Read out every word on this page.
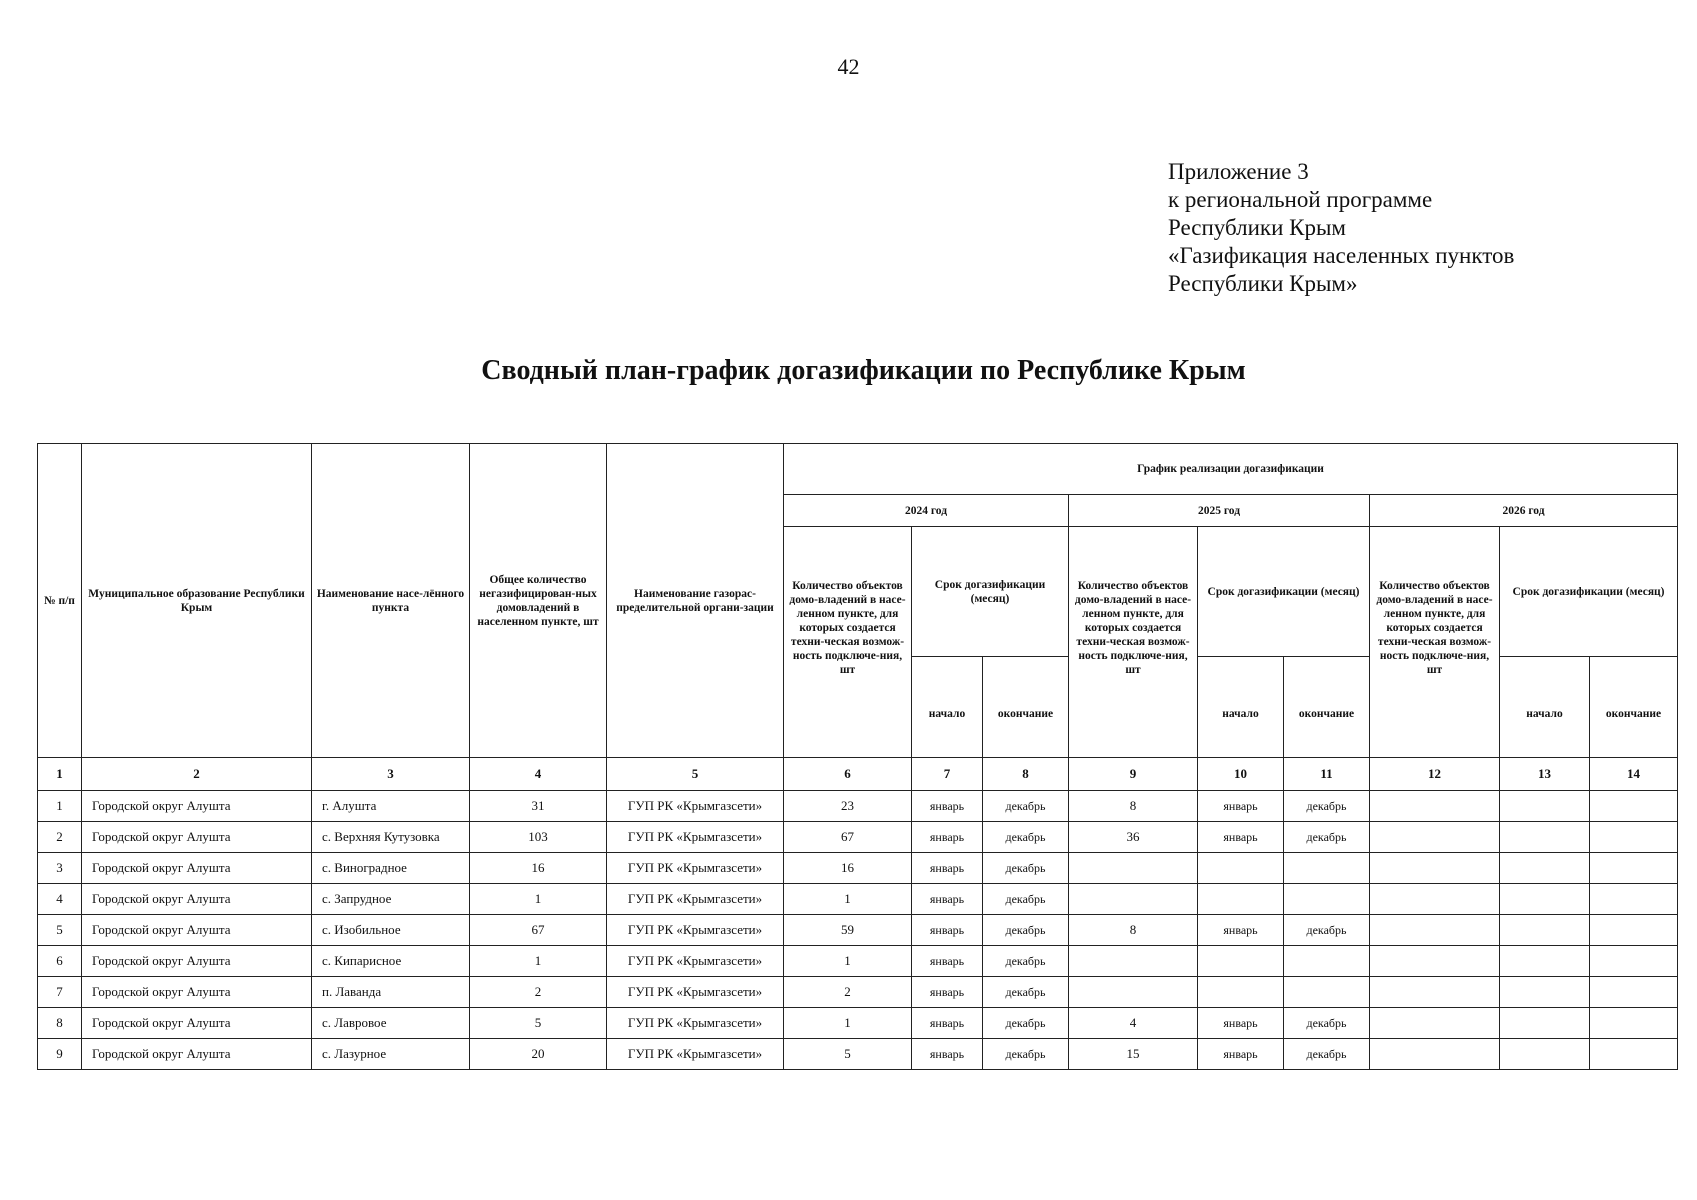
42
Приложение 3
к региональной программе
Республики Крым
«Газификация населенных пунктов
Республики Крым»
Сводный план-график догазификации по Республике Крым
№ п/п	Муниципальное образование Республики Крым	Наименование насе-лённого пункта	Общее количество негазифицирован-ных домовладений в населенном пункте, шт	Наименование газорас-пределительной органи-зации	График реализации догазификации								
					2024 год			2025 год			2026 год		
					Количество объектов домо-владений в насе-ленном пункте, для которых создается техни-ческая возмож-ность подключе-ния, шт	Срок догазификации (месяц)		Количество объектов домо-владений в насе-ленном пункте, для которых создается техни-ческая возмож-ность подключе-ния, шт	Срок догазификации (месяц)		Количество объектов домо-владений в насе-ленном пункте, для которых создается техни-ческая возмож-ность подключе-ния, шт	Срок догазификации (месяц)	
						начало	окончание		начало	окончание		начало	окончание
1	2	3	4	5	6	7	8	9	10	11	12	13	14
1	Городской округ Алушта	г. Алушта	31	ГУП РК «Крымгазсети»	23	январь	декабрь	8	январь	декабрь			
2	Городской округ Алушта	с. Верхняя Кутузовка	103	ГУП РК «Крымгазсети»	67	январь	декабрь	36	январь	декабрь			
3	Городской округ Алушта	с. Виноградное	16	ГУП РК «Крымгазсети»	16	январь	декабрь						
4	Городской округ Алушта	с. Запрудное	1	ГУП РК «Крымгазсети»	1	январь	декабрь						
5	Городской округ Алушта	с. Изобильное	67	ГУП РК «Крымгазсети»	59	январь	декабрь	8	январь	декабрь			
6	Городской округ Алушта	с. Кипарисное	1	ГУП РК «Крымгазсети»	1	январь	декабрь						
7	Городской округ Алушта	п. Лаванда	2	ГУП РК «Крымгазсети»	2	январь	декабрь						
8	Городской округ Алушта	с. Лавровое	5	ГУП РК «Крымгазсети»	1	январь	декабрь	4	январь	декабрь			
9	Городской округ Алушта	с. Лазурное	20	ГУП РК «Крымгазсети»	5	январь	декабрь	15	январь	декабрь			
